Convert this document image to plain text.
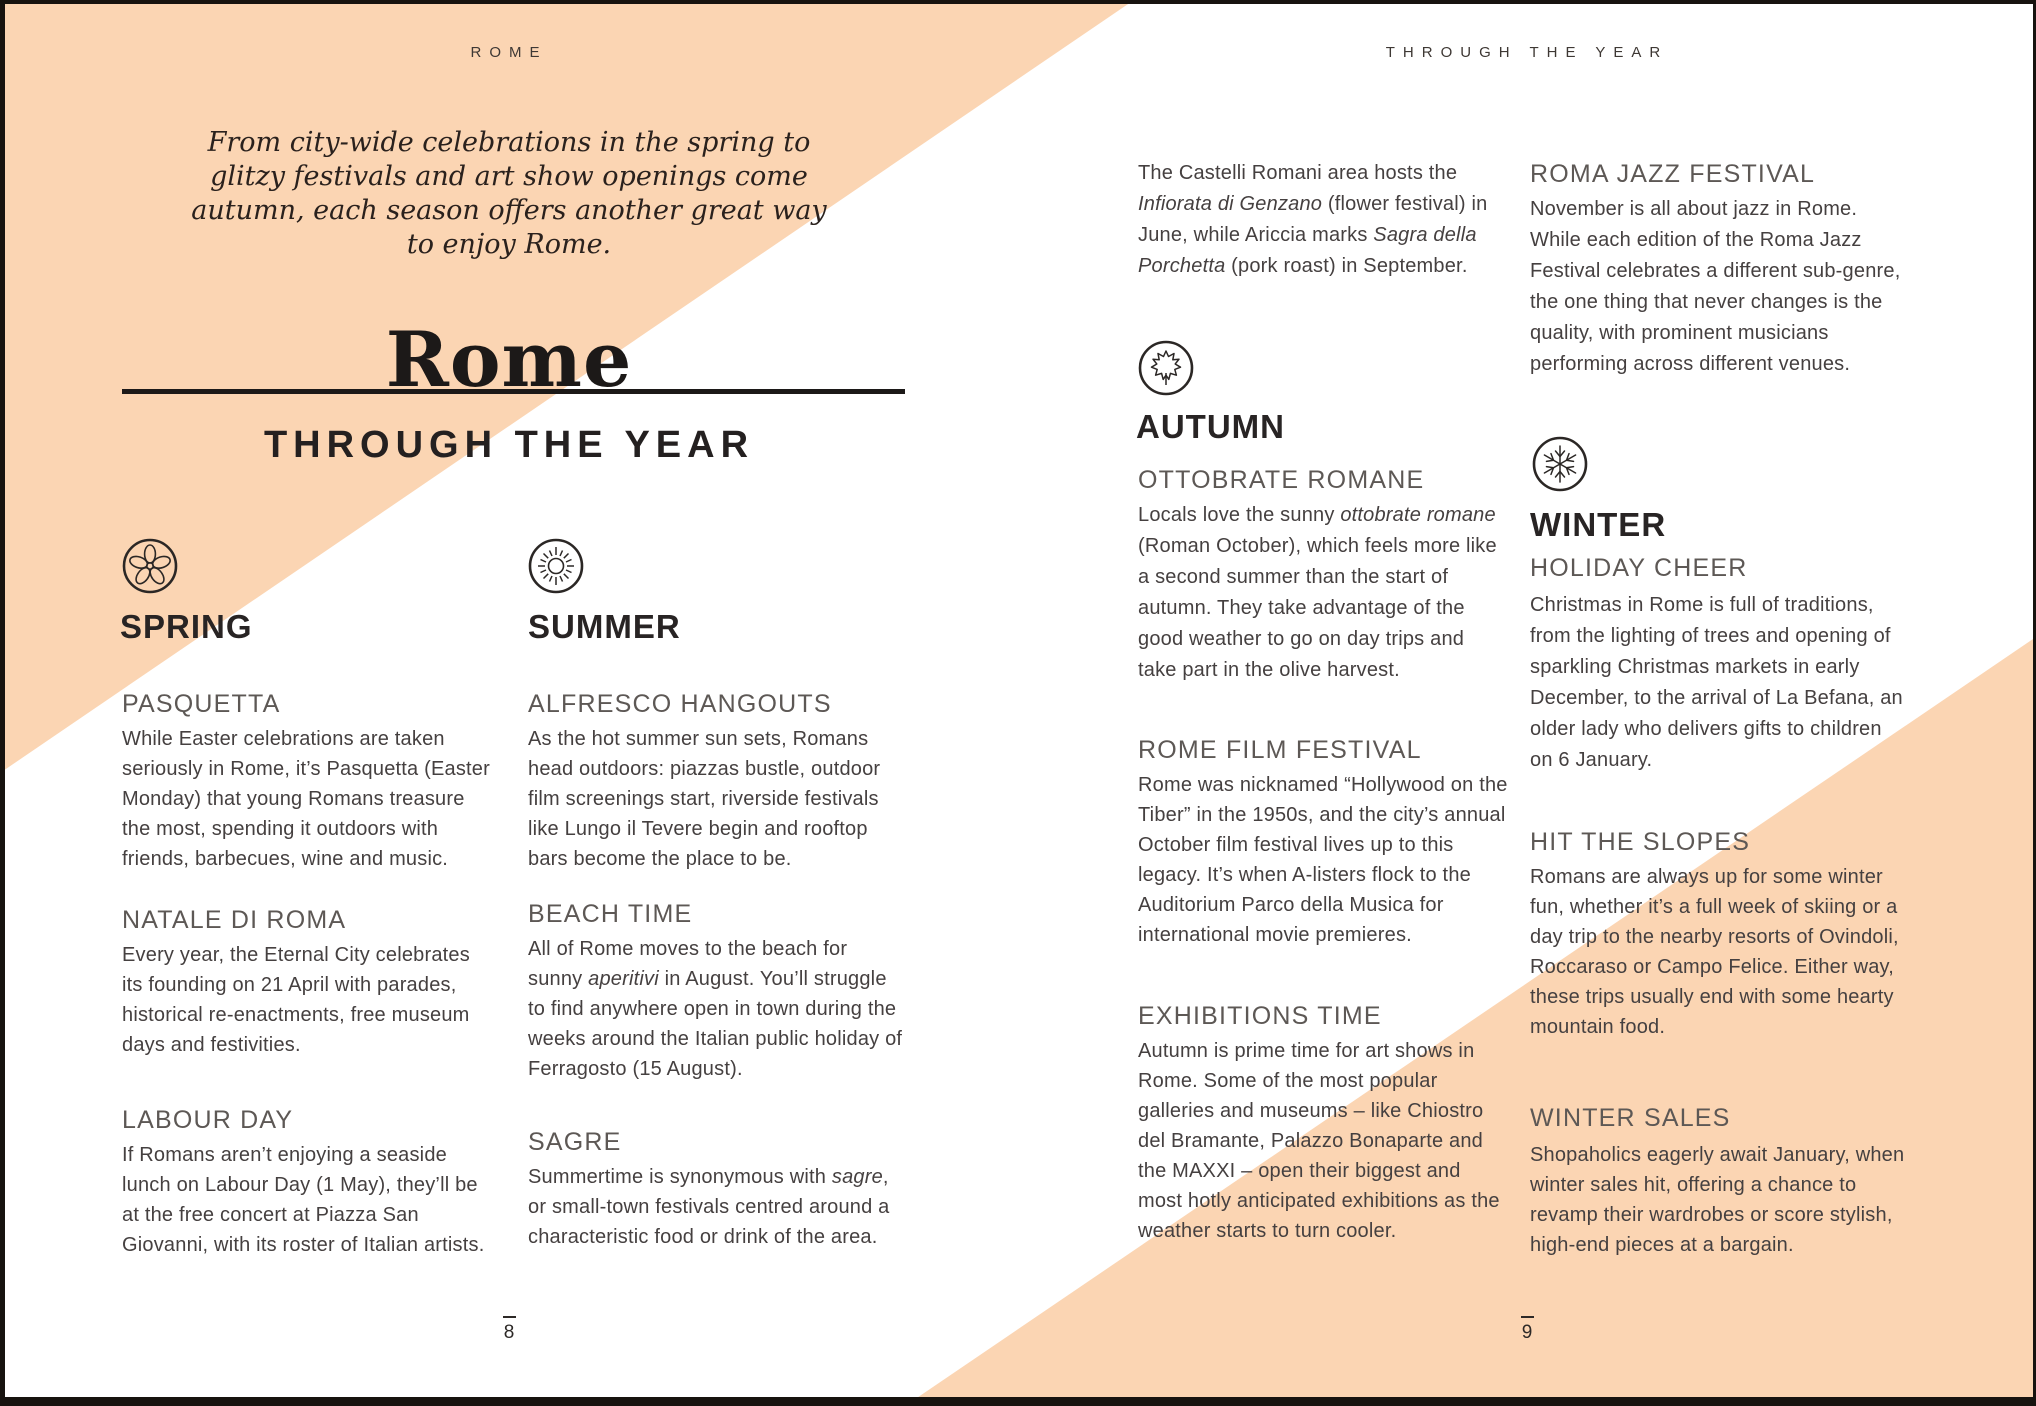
ROME
From city-wide celebrations in the spring to glitzy festivals and art show openings come autumn, each season offers another great way to enjoy Rome.
Rome
THROUGH THE YEAR
SPRING
PASQUETTA
While Easter celebrations are taken seriously in Rome, it’s Pasquetta (Easter Monday) that young Romans treasure the most, spending it outdoors with friends, barbecues, wine and music.
NATALE DI ROMA
Every year, the Eternal City celebrates its founding on 21 April with parades, historical re-enactments, free museum days and festivities.
LABOUR DAY
If Romans aren’t enjoying a seaside lunch on Labour Day (1 May), they’ll be at the free concert at Piazza San Giovanni, with its roster of Italian artists.
SUMMER
ALFRESCO HANGOUTS
As the hot summer sun sets, Romans head outdoors: piazzas bustle, outdoor film screenings start, riverside festivals like Lungo il Tevere begin and rooftop bars become the place to be.
BEACH TIME
All of Rome moves to the beach for sunny aperitivi in August. You’ll struggle to find anywhere open in town during the weeks around the Italian public holiday of Ferragosto (15 August).
SAGRE
Summertime is synonymous with sagre, or small-town festivals centred around a characteristic food or drink of the area.
8
THROUGH THE YEAR
The Castelli Romani area hosts the Infiorata di Genzano (flower festival) in June, while Ariccia marks Sagra della Porchetta (pork roast) in September.
AUTUMN
OTTOBRATE ROMANE
Locals love the sunny ottobrate romane (Roman October), which feels more like a second summer than the start of autumn. They take advantage of the good weather to go on day trips and take part in the olive harvest.
ROME FILM FESTIVAL
Rome was nicknamed “Hollywood on the Tiber” in the 1950s, and the city’s annual October film festival lives up to this legacy. It’s when A-listers flock to the Auditorium Parco della Musica for international movie premieres.
EXHIBITIONS TIME
Autumn is prime time for art shows in Rome. Some of the most popular galleries and museums – like Chiostro del Bramante, Palazzo Bonaparte and the MAXXI – open their biggest and most hotly anticipated exhibitions as the weather starts to turn cooler.
ROMA JAZZ FESTIVAL
November is all about jazz in Rome. While each edition of the Roma Jazz Festival celebrates a different sub-genre, the one thing that never changes is the quality, with prominent musicians performing across different venues.
WINTER
HOLIDAY CHEER
Christmas in Rome is full of traditions, from the lighting of trees and opening of sparkling Christmas markets in early December, to the arrival of La Befana, an older lady who delivers gifts to children on 6 January.
HIT THE SLOPES
Romans are always up for some winter fun, whether it’s a full week of skiing or a day trip to the nearby resorts of Ovindoli, Roccaraso or Campo Felice. Either way, these trips usually end with some hearty mountain food.
WINTER SALES
Shopaholics eagerly await January, when winter sales hit, offering a chance to revamp their wardrobes or score stylish, high-end pieces at a bargain.
9
